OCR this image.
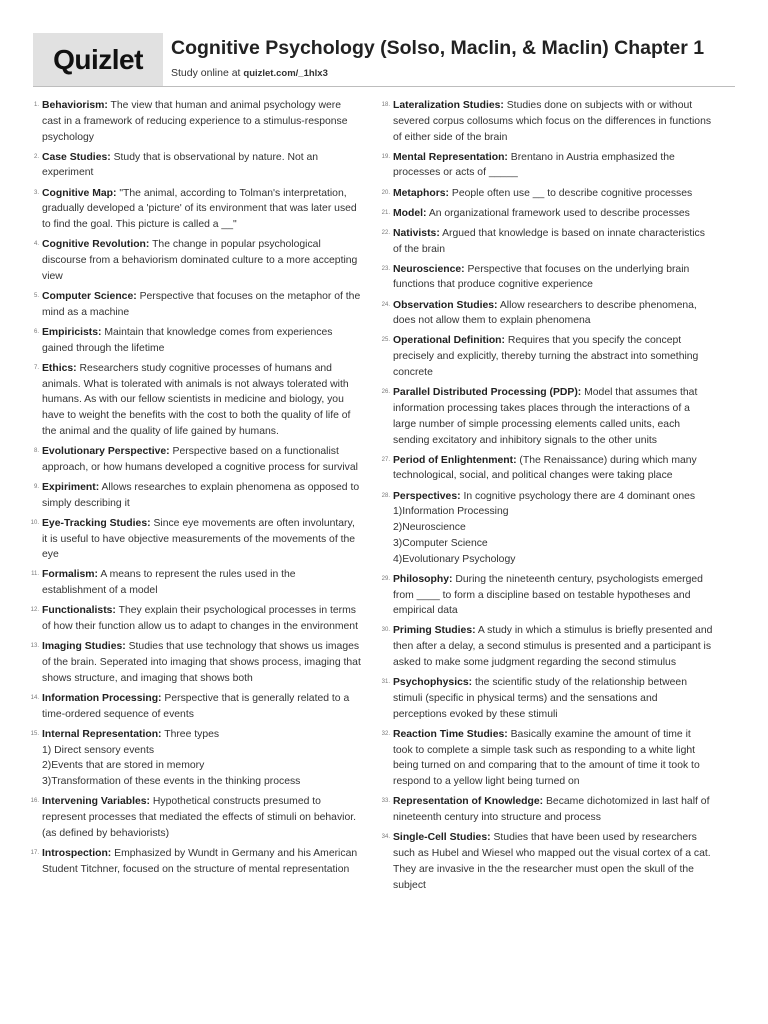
Quizlet	Cognitive Psychology (Solso, Maclin, & Maclin) Chapter 1
Study online at quizlet.com/_1hlx3
1. Behaviorism: The view that human and animal psychology were cast in a framework of reducing experience to a stimulus-response psychology
2. Case Studies: Study that is observational by nature. Not an experiment
3. Cognitive Map: "The animal, according to Tolman's interpretation, gradually developed a 'picture' of its environment that was later used to find the goal. This picture is called a __"
4. Cognitive Revolution: The change in popular psychological discourse from a behaviorism dominated culture to a more accepting view
5. Computer Science: Perspective that focuses on the metaphor of the mind as a machine
6. Empiricists: Maintain that knowledge comes from experiences gained through the lifetime
7. Ethics: Researchers study cognitive processes of humans and animals. What is tolerated with animals is not always tolerated with humans. As with our fellow scientists in medicine and biology, you have to weight the benefits with the cost to both the quality of life of the animal and the quality of life gained by humans.
8. Evolutionary Perspective: Perspective based on a functionalist approach, or how humans developed a cognitive process for survival
9. Expiriment: Allows researches to explain phenomena as opposed to simply describing it
10. Eye-Tracking Studies: Since eye movements are often involuntary, it is useful to have objective measurements of the movements of the eye
11. Formalism: A means to represent the rules used in the establishment of a model
12. Functionalists: They explain their psychological processes in terms of how their function allow us to adapt to changes in the environment
13. Imaging Studies: Studies that use technology that shows us images of the brain. Seperated into imaging that shows process, imaging that shows structure, and imaging that shows both
14. Information Processing: Perspective that is generally related to a time-ordered sequence of events
15. Internal Representation: Three types
1) Direct sensory events
2)Events that are stored in memory
3)Transformation of these events in the thinking process
16. Intervening Variables: Hypothetical constructs presumed to represent processes that mediated the effects of stimuli on behavior. (as defined by behaviorists)
17. Introspection: Emphasized by Wundt in Germany and his American Student Titchner, focused on the structure of mental representation
18. Lateralization Studies: Studies done on subjects with or without severed corpus collosums which focus on the differences in functions of either side of the brain
19. Mental Representation: Brentano in Austria emphasized the processes or acts of _____
20. Metaphors: People often use __ to describe cognitive processes
21. Model: An organizational framework used to describe processes
22. Nativists: Argued that knowledge is based on innate characteristics of the brain
23. Neuroscience: Perspective that focuses on the underlying brain functions that produce cognitive experience
24. Observation Studies: Allow researchers to describe phenomena, does not allow them to explain phenomena
25. Operational Definition: Requires that you specify the concept precisely and explicitly, thereby turning the abstract into something concrete
26. Parallel Distributed Processing (PDP): Model that assumes that information processing takes places through the interactions of a large number of simple processing elements called units, each sending excitatory and inhibitory signals to the other units
27. Period of Enlightenment: (The Renaissance) during which many technological, social, and political changes were taking place
28. Perspectives: In cognitive psychology there are 4 dominant ones
1)Information Processing
2)Neuroscience
3)Computer Science
4)Evolutionary Psychology
29. Philosophy: During the nineteenth century, psychologists emerged from ____ to form a discipline based on testable hypotheses and empirical data
30. Priming Studies: A study in which a stimulus is briefly presented and then after a delay, a second stimulus is presented and a participant is asked to make some judgment regarding the second stimulus
31. Psychophysics: the scientific study of the relationship between stimuli (specific in physical terms) and the sensations and perceptions evoked by these stimuli
32. Reaction Time Studies: Basically examine the amount of time it took to complete a simple task such as responding to a white light being turned on and comparing that to the amount of time it took to respond to a yellow light being turned on
33. Representation of Knowledge: Became dichotomized in last half of nineteenth century into structure and process
34. Single-Cell Studies: Studies that have been used by researchers such as Hubel and Wiesel who mapped out the visual cortex of a cat. They are invasive in the the researcher must open the skull of the subject
